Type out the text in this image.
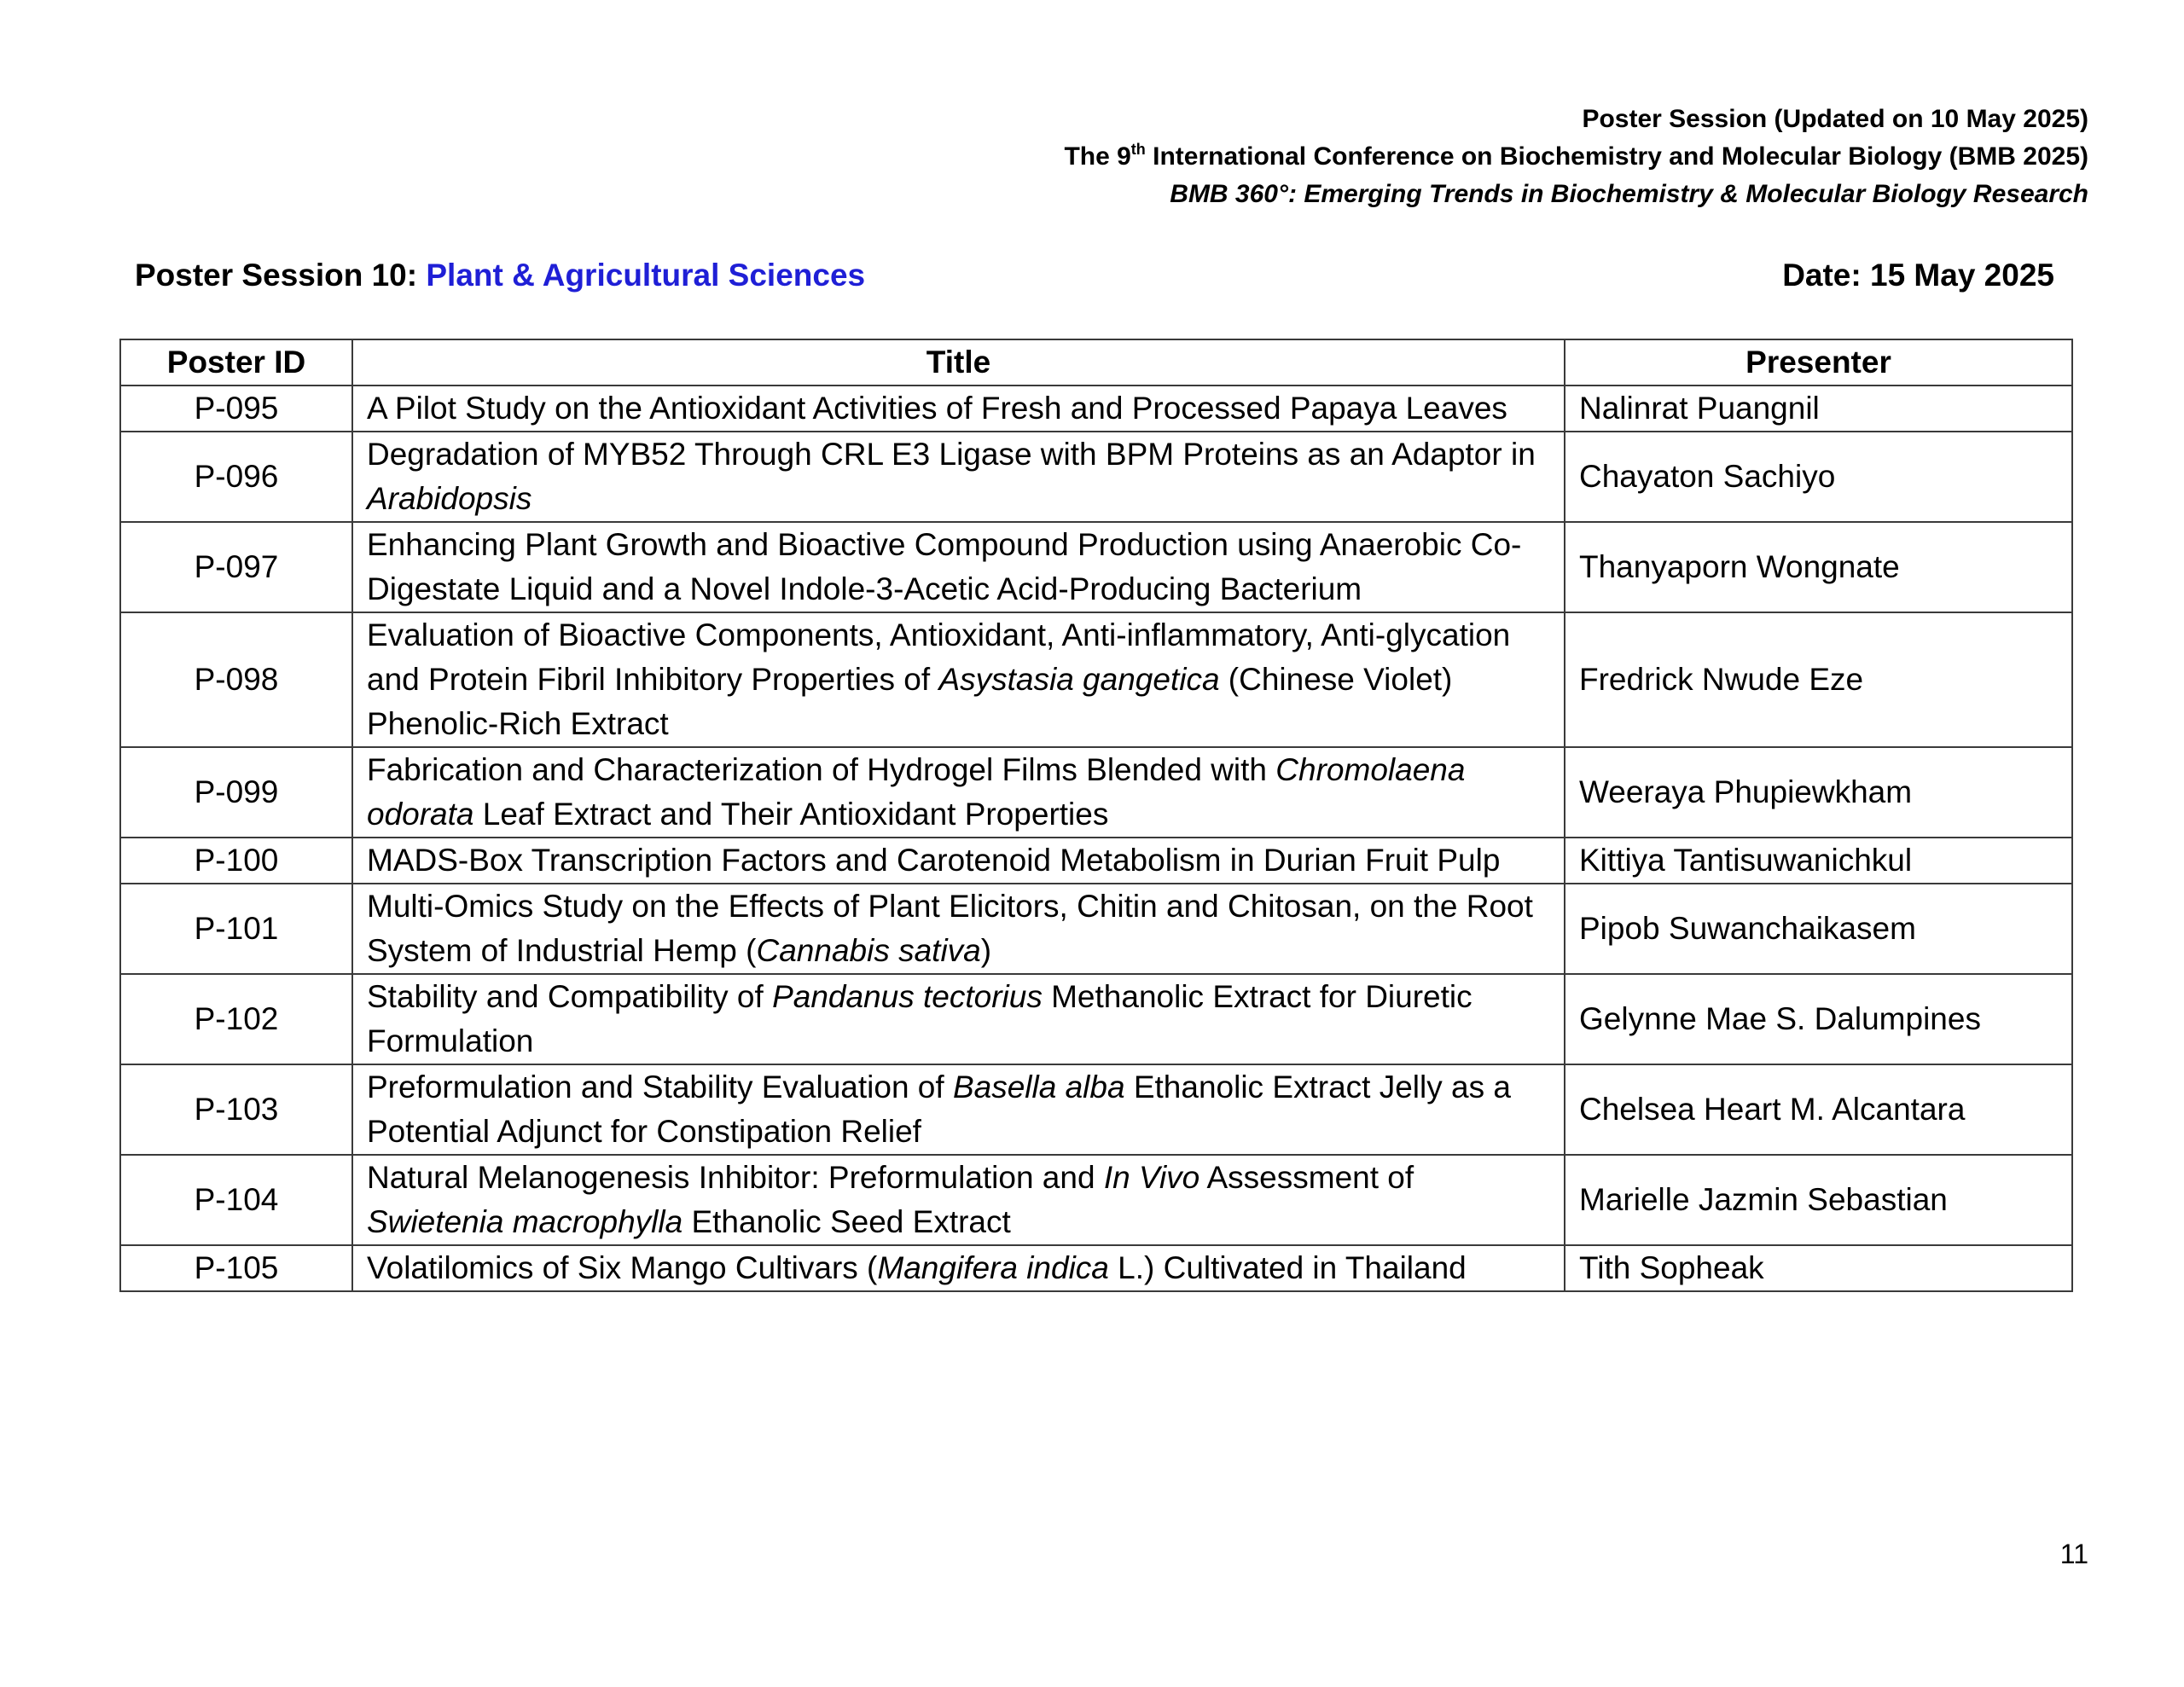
Poster Session (Updated on 10 May 2025)
The 9th International Conference on Biochemistry and Molecular Biology (BMB 2025)
BMB 360°: Emerging Trends in Biochemistry & Molecular Biology Research
Poster Session 10: Plant & Agricultural Sciences	Date: 15 May 2025
Poster ID	Title	Presenter
P-095	A Pilot Study on the Antioxidant Activities of Fresh and Processed Papaya Leaves	Nalinrat Puangnil
P-096	Degradation of MYB52 Through CRL E3 Ligase with BPM Proteins as an Adaptor in Arabidopsis	Chayaton Sachiyo
P-097	Enhancing Plant Growth and Bioactive Compound Production using Anaerobic Co-Digestate Liquid and a Novel Indole-3-Acetic Acid-Producing Bacterium	Thanyaporn Wongnate
P-098	Evaluation of Bioactive Components, Antioxidant, Anti-inflammatory, Anti-glycation and Protein Fibril Inhibitory Properties of Asystasia gangetica (Chinese Violet) Phenolic-Rich Extract	Fredrick Nwude Eze
P-099	Fabrication and Characterization of Hydrogel Films Blended with Chromolaena odorata Leaf Extract and Their Antioxidant Properties	Weeraya Phupiewkham
P-100	MADS-Box Transcription Factors and Carotenoid Metabolism in Durian Fruit Pulp	Kittiya Tantisuwanichkul
P-101	Multi-Omics Study on the Effects of Plant Elicitors, Chitin and Chitosan, on the Root System of Industrial Hemp (Cannabis sativa)	Pipob Suwanchaikasem
P-102	Stability and Compatibility of Pandanus tectorius Methanolic Extract for Diuretic Formulation	Gelynne Mae S. Dalumpines
P-103	Preformulation and Stability Evaluation of Basella alba Ethanolic Extract Jelly as a Potential Adjunct for Constipation Relief	Chelsea Heart M. Alcantara
P-104	Natural Melanogenesis Inhibitor: Preformulation and In Vivo Assessment of Swietenia macrophylla Ethanolic Seed Extract	Marielle Jazmin Sebastian
P-105	Volatilomics of Six Mango Cultivars (Mangifera indica L.) Cultivated in Thailand	Tith Sopheak
11
